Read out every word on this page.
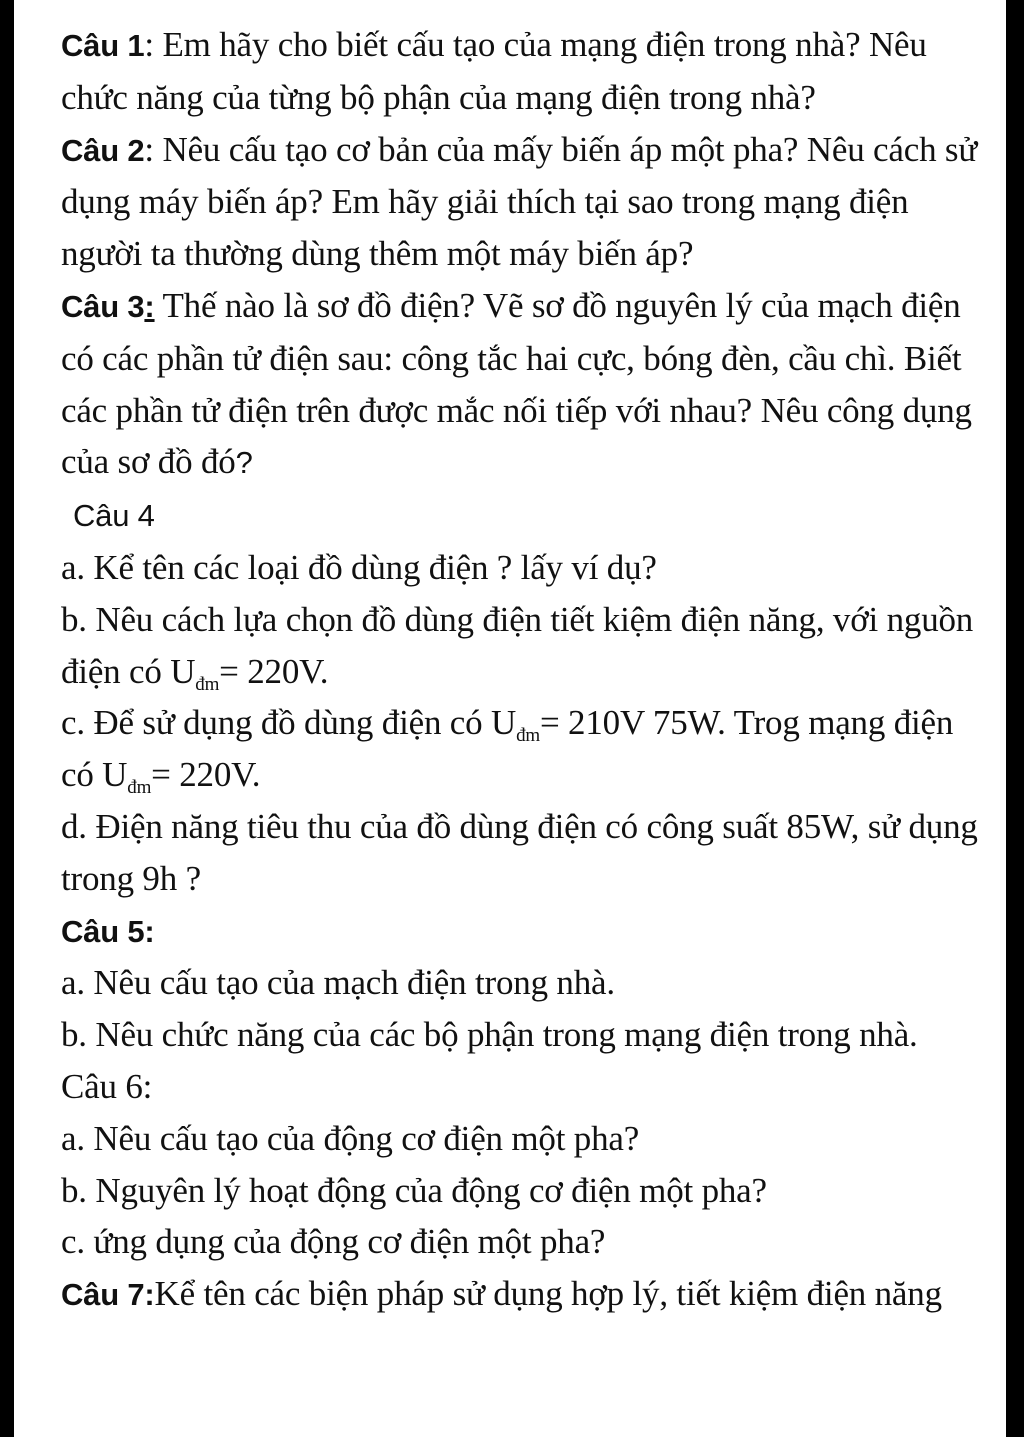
Câu 1: Em hãy cho biết cấu tạo của mạng điện trong nhà? Nêu chức năng của từng bộ phận của mạng điện trong nhà?

Câu 2: Nêu cấu tạo cơ bản của mấy biến áp một pha? Nêu cách sử dụng máy biến áp? Em hãy giải thích tại sao trong mạng điện người ta thường dùng thêm một máy biến áp?

Câu 3: Thế nào là sơ đồ điện? Vẽ sơ đồ nguyên lý của mạch điện có các phần tử điện sau: công tắc hai cực, bóng đèn, cầu chì. Biết các phần tử điện trên được mắc nối tiếp với nhau? Nêu công dụng của sơ đồ đó?

Câu 4

a. Kể tên các loại đồ dùng điện ? lấy ví dụ?

b. Nêu cách lựa chọn đồ dùng điện tiết kiệm điện năng, với nguồn điện có $U_{đm}= 220V$.

c. Để sử dụng đồ dùng điện có $U_{đm}= 210V$ 75W. Trog mạng điện có $U_{đm}= 220V$.

d. Điện năng tiêu thu của đồ dùng điện có công suất 85W, sử dụng trong 9h ?

Câu 5:

a. Nêu cấu tạo của mạch điện trong nhà.

b. Nêu chức năng của các bộ phận trong mạng điện trong nhà.

Câu 6:

a. Nêu cấu tạo của động cơ điện một pha?

b. Nguyên lý hoạt động của động cơ điện một pha?

c. ứng dụng của động cơ điện một pha?

Câu 7:Kể tên các biện pháp sử dụng hợp lý, tiết kiệm điện năng
